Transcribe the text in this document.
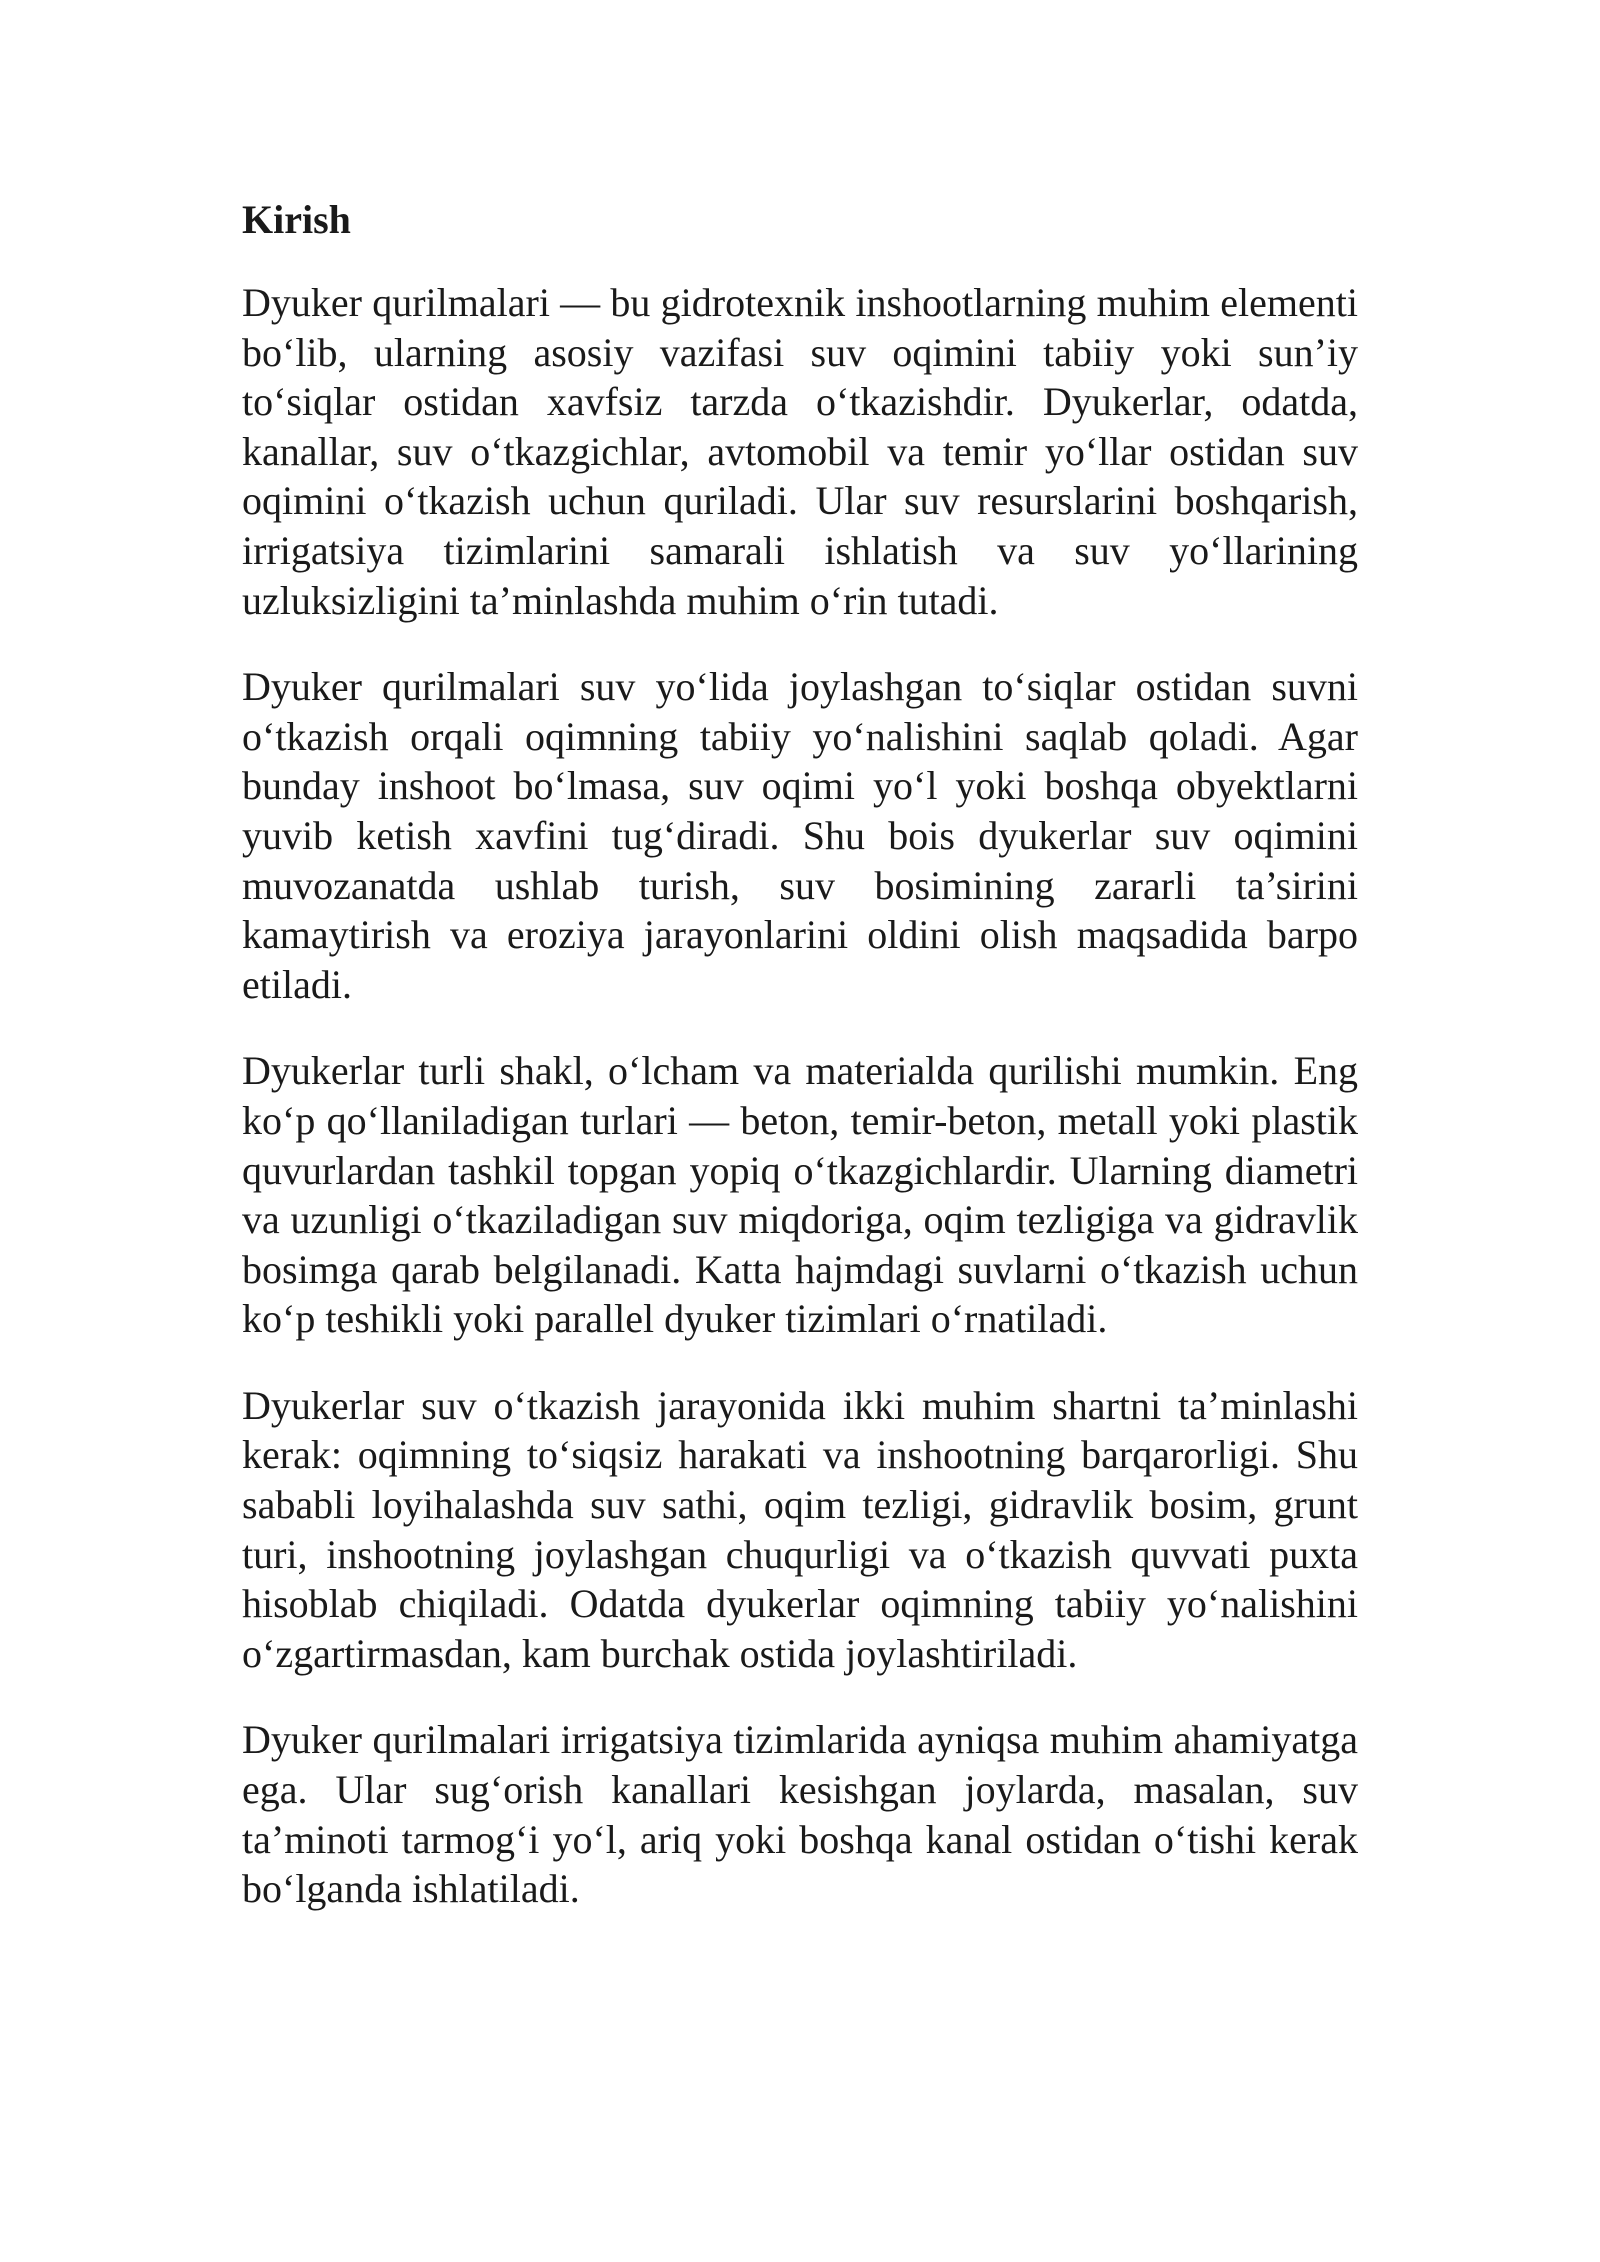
Kirish

Dyuker qurilmalari — bu gidrotexnik inshootlarning muhim elementi bo‘lib, ularning asosiy vazifasi suv oqimini tabiiy yoki sun’iy to‘siqlar ostidan xavfsiz tarzda o‘tkazishdir. Dyukerlar, odatda, kanallar, suv o‘tkazgichlar, avtomobil va temir yo‘llar ostidan suv oqimini o‘tkazish uchun quriladi. Ular suv resurslarini boshqarish, irrigatsiya tizimlarini samarali ishlatish va suv yo‘llarining uzluksizligini ta’minlashda muhim o‘rin tutadi.

Dyuker qurilmalari suv yo‘lida joylashgan to‘siqlar ostidan suvni o‘tkazish orqali oqimning tabiiy yo‘nalishini saqlab qoladi. Agar bunday inshoot bo‘lmasa, suv oqimi yo‘l yoki boshqa obyektlarni yuvib ketish xavfini tug‘diradi. Shu bois dyukerlar suv oqimini muvozanatda ushlab turish, suv bosimining zararli ta’sirini kamaytirish va eroziya jarayonlarini oldini olish maqsadida barpo etiladi.

Dyukerlar turli shakl, o‘lcham va materialda qurilishi mumkin. Eng ko‘p qo‘llaniladigan turlari — beton, temir-beton, metall yoki plastik quvurlardan tashkil topgan yopiq o‘tkazgichlardir. Ularning diametri va uzunligi o‘tkaziladigan suv miqdoriga, oqim tezligiga va gidravlik bosimga qarab belgilanadi. Katta hajmdagi suvlarni o‘tkazish uchun ko‘p teshikli yoki parallel dyuker tizimlari o‘rnatiladi.

Dyukerlar suv o‘tkazish jarayonida ikki muhim shartni ta’minlashi kerak: oqimning to‘siqsiz harakati va inshootning barqarorligi. Shu sababli loyihalashda suv sathi, oqim tezligi, gidravlik bosim, grunt turi, inshootning joylashgan chuqurligi va o‘tkazish quvvati puxta hisoblab chiqiladi. Odatda dyukerlar oqimning tabiiy yo‘nalishini o‘zgartirmasdan, kam burchak ostida joylashtiriladi.

Dyuker qurilmalari irrigatsiya tizimlarida ayniqsa muhim ahamiyatga ega. Ular sug‘orish kanallari kesishgan joylarda, masalan, suv ta’minoti tarmog‘i yo‘l, ariq yoki boshqa kanal ostidan o‘tishi kerak bo‘lganda ishlatiladi.
